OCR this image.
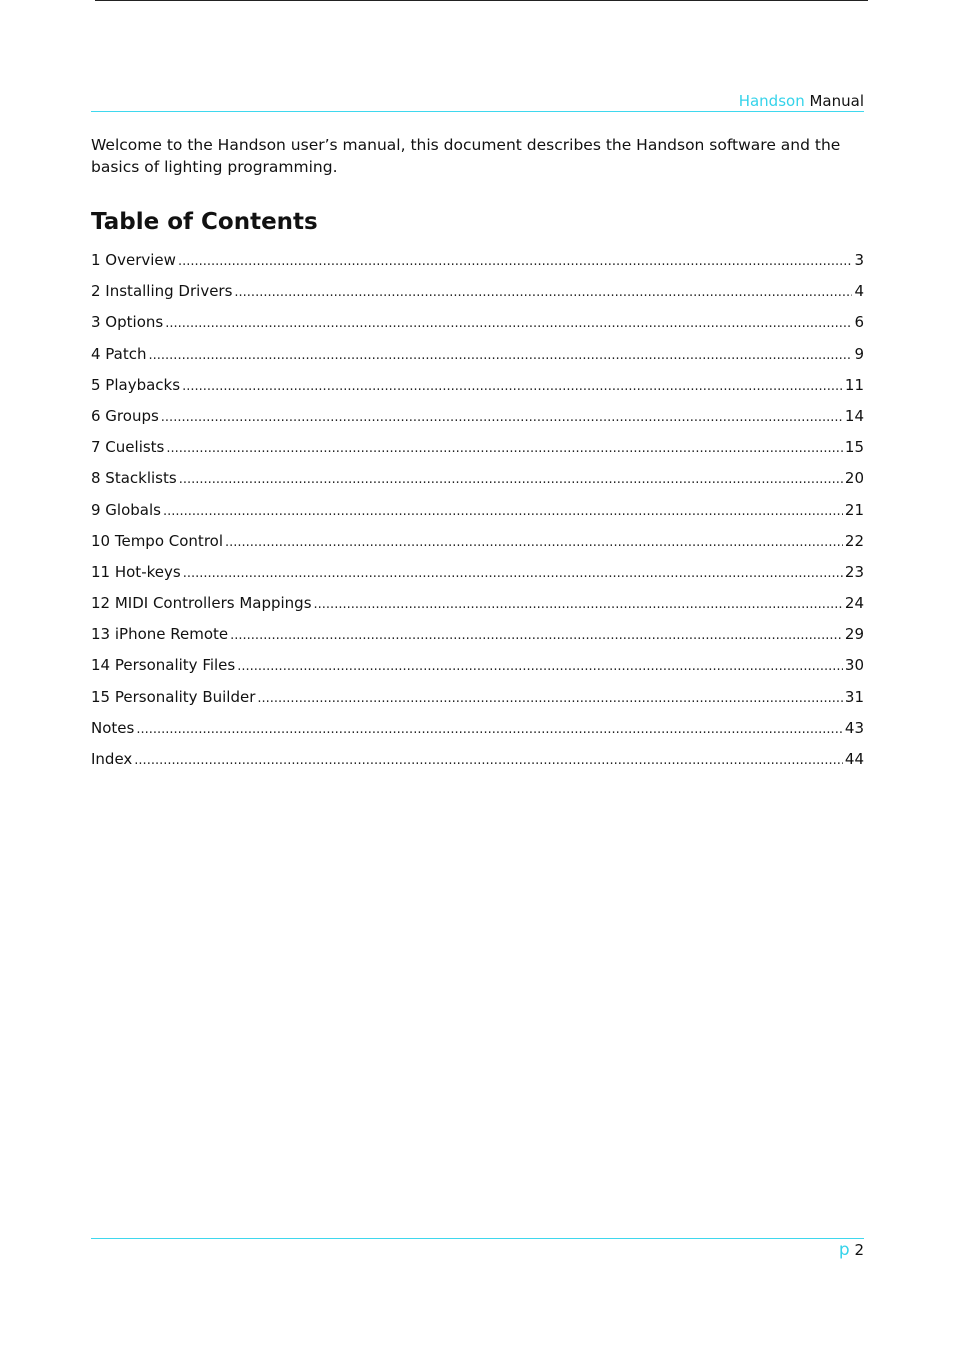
Handson Manual

Welcome to the Handson user’s manual, this document describes the Handson software and the basics of lighting programming.

Table of Contents
1 Overview .....	3
2 Installing Drivers .....	4
3 Options .....	6
4 Patch .....	9
5 Playbacks .....	11
6 Groups .....	14
7 Cuelists .....	15
8 Stacklists .....	20
9 Globals .....	21
10 Tempo Control .....	22
11 Hot-keys .....	23
12 MIDI Controllers Mappings .....	24
13 iPhone Remote .....	29
14 Personality Files .....	30
15 Personality Builder .....	31
Notes .....	43
Index .....	44
p 2
